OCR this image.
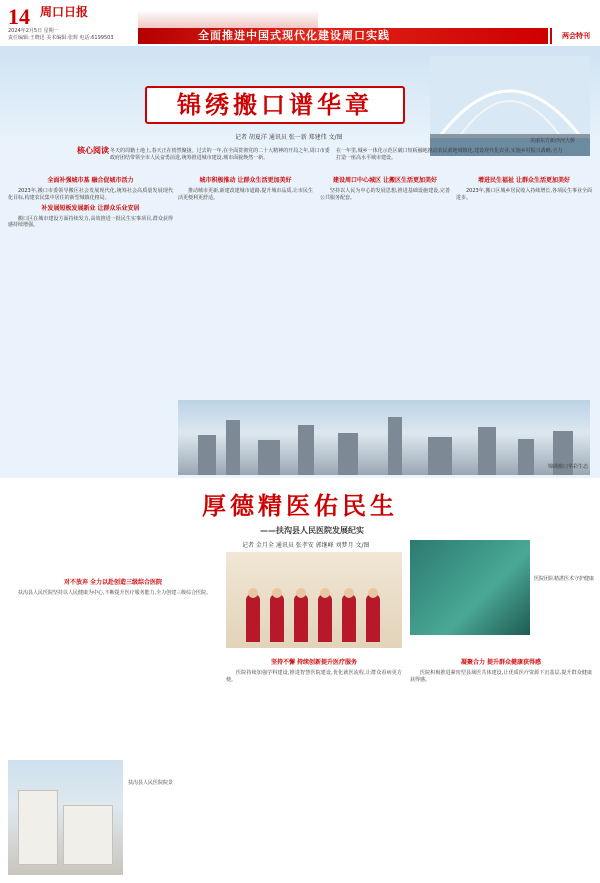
14 周口日报
2024年2月5日 星期一
责任编辑:王晓迅 美术编辑:张辉 电话:6199503	全面推进中国式现代化建设周口实践	两会特刊
锦绣搬口谱华章
美丽东方新沙河大桥
记者 胡夏洋 通讯员 张一新 郑建伟 文/图
核心阅读 冬天的周籍土地上,春天正在悄然聚拢。过去的一年,在全面贯彻党的二十大精神的开局之年,周口市委政府团结带领全市人民奋勇前进,统筹推进城市建设,城市面貌焕然一新。
在一年里,城乡一体化示范区破口短板融地推动农民就地城镇化,建设现代化农业,实施乡村振兴战略,全力打造一座高水平城市建设。
全面补强城市基 融合促城市活力

2023年,搬口市委领导搬区社会发展现代化,统筹社会高质量发展现代化目标,构建农民集中居住的新型城镇化格局。

补发展短板发展新业 让群众乐业安居

搬口区在城市建设方面持续发力,高效推进一批民生实事项目,群众获得感持续增强。

城市积极推动 让群众生活更加美好

推动城市更新,新建改建城市道路,提升城市品质,让市民生活更便利更舒适。

建设周口中心城区 让搬区生活更加美好

坚持以人民为中心的发展思想,推进基础设施建设,完善公共服务配套。

增进民生福祉 让群众生活更加美好

2023年,搬口区城乡居民收入持续增长,各项民生事业全面进步。

锦绣搬口华彩生态
厚德精医佑民生
——扶沟县人民医院发展纪实
记者 金月全 通讯员 张孝安 郭继峰 刘梦月 文/图
医院团队精湛医术守护健康
对不放弃 全力以赴创造三级综合医院

扶沟县人民医院坚持以人民健康为中心,不断提升医疗服务能力,全力创建三级综合医院。

坚持不懈 持续创新提升医疗服务

医院持续加强学科建设,推进智慧医院建设,优化就医流程,让群众看病更方便。

凝聚合力 提升群众健康获得感

医院积极推进紧密型县域医共体建设,让优质医疗资源下沉基层,提升群众健康获得感。

扶沟县人民医院院景
